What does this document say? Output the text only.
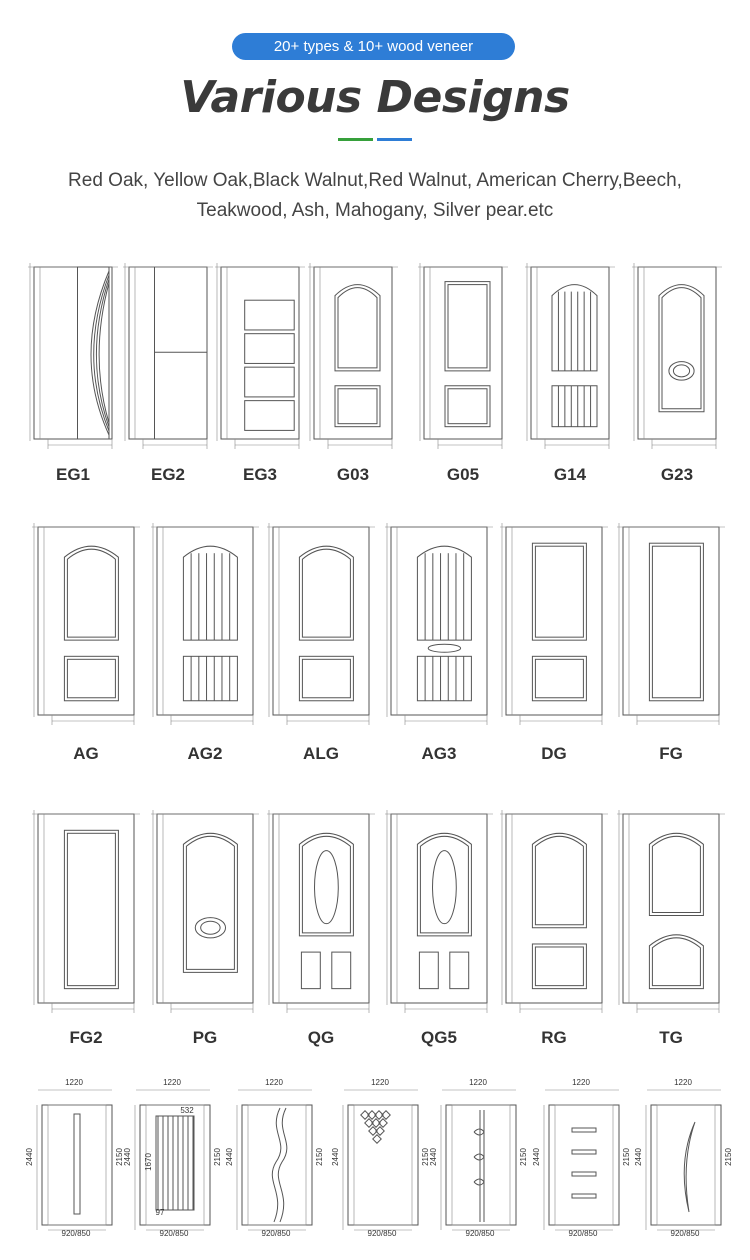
20+ types & 10+ wood veneer
Various Designs
Red Oak, Yellow Oak,Black Walnut,Red Walnut, American Cherry,Beech,
Teakwood, Ash, Mahogany, Silver pear.etc
EG1	EG2	EG3	G03	G05	G14	G23
AG	AG2	ALG	AG3	DG	FG
FG2	PG	QG	QG5	RG	TG
1220
2440	2150
920/850
1220
2440	2150
920/850
532
1670
97
1220
2440	2150
920/850
1220
2440	2150
920/850
1220
2440	2150
920/850
1220
2440	2150
920/850
1220
2440	2150
920/850
